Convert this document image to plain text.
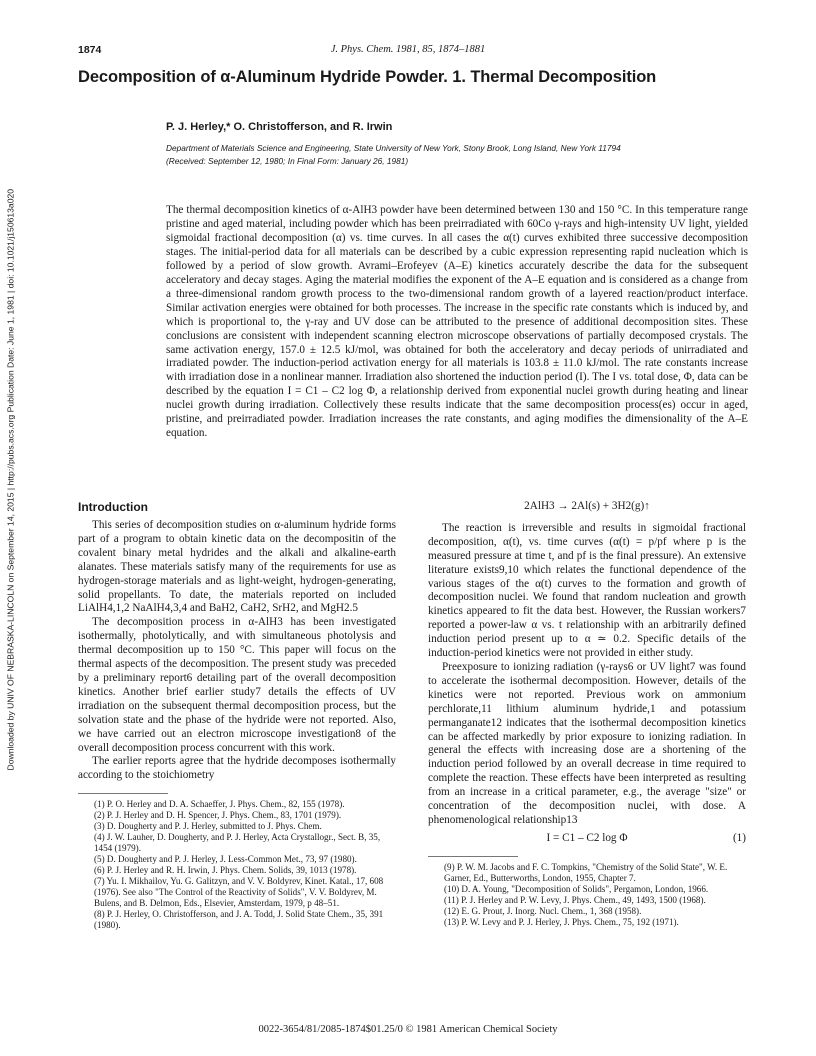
1874	J. Phys. Chem. 1981, 85, 1874–1881
Decomposition of α-Aluminum Hydride Powder. 1. Thermal Decomposition
P. J. Herley,* O. Christofferson, and R. Irwin
Department of Materials Science and Engineering, State University of New York, Stony Brook, Long Island, New York 11794
(Received: September 12, 1980; In Final Form: January 26, 1981)
The thermal decomposition kinetics of α-AlH3 powder have been determined between 130 and 150 °C. In this temperature range pristine and aged material, including powder which has been preirradiated with 60Co γ-rays and high-intensity UV light, yielded sigmoidal fractional decomposition (α) vs. time curves. In all cases the α(t) curves exhibited three successive decomposition stages. The initial-period data for all materials can be described by a cubic expression representing rapid nucleation which is followed by a period of slow growth. Avrami–Erofeyev (A–E) kinetics accurately describe the data for the subsequent acceleratory and decay stages. Aging the material modifies the exponent of the A–E equation and is considered as a change from a three-dimensional random growth process to the two-dimensional random growth of a layered reaction/product interface. Similar activation energies were obtained for both processes. The increase in the specific rate constants which is induced by, and which is proportional to, the γ-ray and UV dose can be attributed to the presence of additional decomposition sites. These conclusions are consistent with independent scanning electron microscope observations of partially decomposed crystals. The same activation energy, 157.0 ± 12.5 kJ/mol, was obtained for both the acceleratory and decay periods of unirradiated and irradiated powder. The induction-period activation energy for all materials is 103.8 ± 11.0 kJ/mol. The rate constants increase with irradiation dose in a nonlinear manner. Irradiation also shortened the induction period (I). The I vs. total dose, Φ, data can be described by the equation I = C1 – C2 log Φ, a relationship derived from exponential nuclei growth during heating and linear nuclei growth during irradiation. Collectively these results indicate that the same decomposition process(es) occur in aged, pristine, and preirradiated powder. Irradiation increases the rate constants, and aging modifies the dimensionality of the A–E equation.
Downloaded by UNIV OF NEBRASKA-LINCOLN on September 14, 2015 | http://pubs.acs.org Publication Date: June 1, 1981 | doi: 10.1021/j150613a020	Introduction

This series of decomposition studies on α-aluminum hydride forms part of a program to obtain kinetic data on the decompositin of the covalent binary metal hydrides and the alkali and alkaline-earth alanates. These materials satisfy many of the requirements for use as hydrogen-storage materials and as light-weight, hydrogen-generating, solid propellants. To date, the materials reported on included LiAlH4,1,2 NaAlH4,3,4 and BaH2, CaH2, SrH2, and MgH2.5

The decomposition process in α-AlH3 has been investigated isothermally, photolytically, and with simultaneous photolysis and thermal decomposition up to 150 °C. This paper will focus on the thermal aspects of the decomposition. The present study was preceded by a preliminary report6 detailing part of the overall decomposition kinetics. Another brief earlier study7 details the effects of UV irradiation on the subsequent thermal decomposition process, but the solvation state and the phase of the hydride were not reported. Also, we have carried out an electron microscope investigation8 of the overall decomposition process concurrent with this work.

The earlier reports agree that the hydride decomposes isothermally according to the stoichiometry

(1) P. O. Herley and D. A. Schaeffer, J. Phys. Chem., 82, 155 (1978).
(2) P. J. Herley and D. H. Spencer, J. Phys. Chem., 83, 1701 (1979).
(3) D. Dougherty and P. J. Herley, submitted to J. Phys. Chem.
(4) J. W. Lauher, D. Dougherty, and P. J. Herley, Acta Crystallogr., Sect. B, 35, 1454 (1979).
(5) D. Dougherty and P. J. Herley, J. Less-Common Met., 73, 97 (1980).
(6) P. J. Herley and R. H. Irwin, J. Phys. Chem. Solids, 39, 1013 (1978).
(7) Yu. I. Mikhailov, Yu. G. Galitzyn, and V. V. Boldyrev, Kinet. Katal., 17, 608 (1976). See also "The Control of the Reactivity of Solids", V. V. Boldyrev, M. Bulens, and B. Delmon, Eds., Elsevier, Amsterdam, 1979, p 48–51.
(8) P. J. Herley, O. Christofferson, and J. A. Todd, J. Solid State Chem., 35, 391 (1980).
2AlH3 → 2Al(s) + 3H2(g)↑

The reaction is irreversible and results in sigmoidal fractional decomposition, α(t), vs. time curves (α(t) = p/pf where p is the measured pressure at time t, and pf is the final pressure). An extensive literature exists9,10 which relates the functional dependence of the various stages of the α(t) curves to the formation and growth of decomposition nuclei. We found that random nucleation and growth kinetics appeared to fit the data best. However, the Russian workers7 reported a power-law α vs. t relationship with an arbitrarily defined induction period present up to α ≃ 0.2. Specific details of the induction-period kinetics were not provided in either study.

Preexposure to ionizing radiation (γ-rays6 or UV light7 was found to accelerate the isothermal decomposition. However, details of the kinetics were not reported. Previous work on ammonium perchlorate,11 lithium aluminum hydride,1 and potassium permanganate12 indicates that the isothermal decomposition kinetics can be affected markedly by prior exposure to ionizing radiation. In general the effects with increasing dose are a shortening of the induction period followed by an overall decrease in time required to complete the reaction. These effects have been interpreted as resulting from an increase in a critical parameter, e.g., the average "size" or concentration of the decomposition nuclei, with dose. A phenomenological relationship13

I = C1 – C2 log Φ	(1)
(9) P. W. M. Jacobs and F. C. Tompkins, "Chemistry of the Solid State", W. E. Garner, Ed., Butterworths, London, 1955, Chapter 7.
(10) D. A. Young, "Decomposition of Solids", Pergamon, London, 1966.
(11) P. J. Herley and P. W. Levy, J. Phys. Chem., 49, 1493, 1500 (1968).
(12) E. G. Prout, J. Inorg. Nucl. Chem., 1, 368 (1958).
(13) P. W. Levy and P. J. Herley, J. Phys. Chem., 75, 192 (1971).
0022-3654/81/2085-1874$01.25/0 © 1981 American Chemical Society
